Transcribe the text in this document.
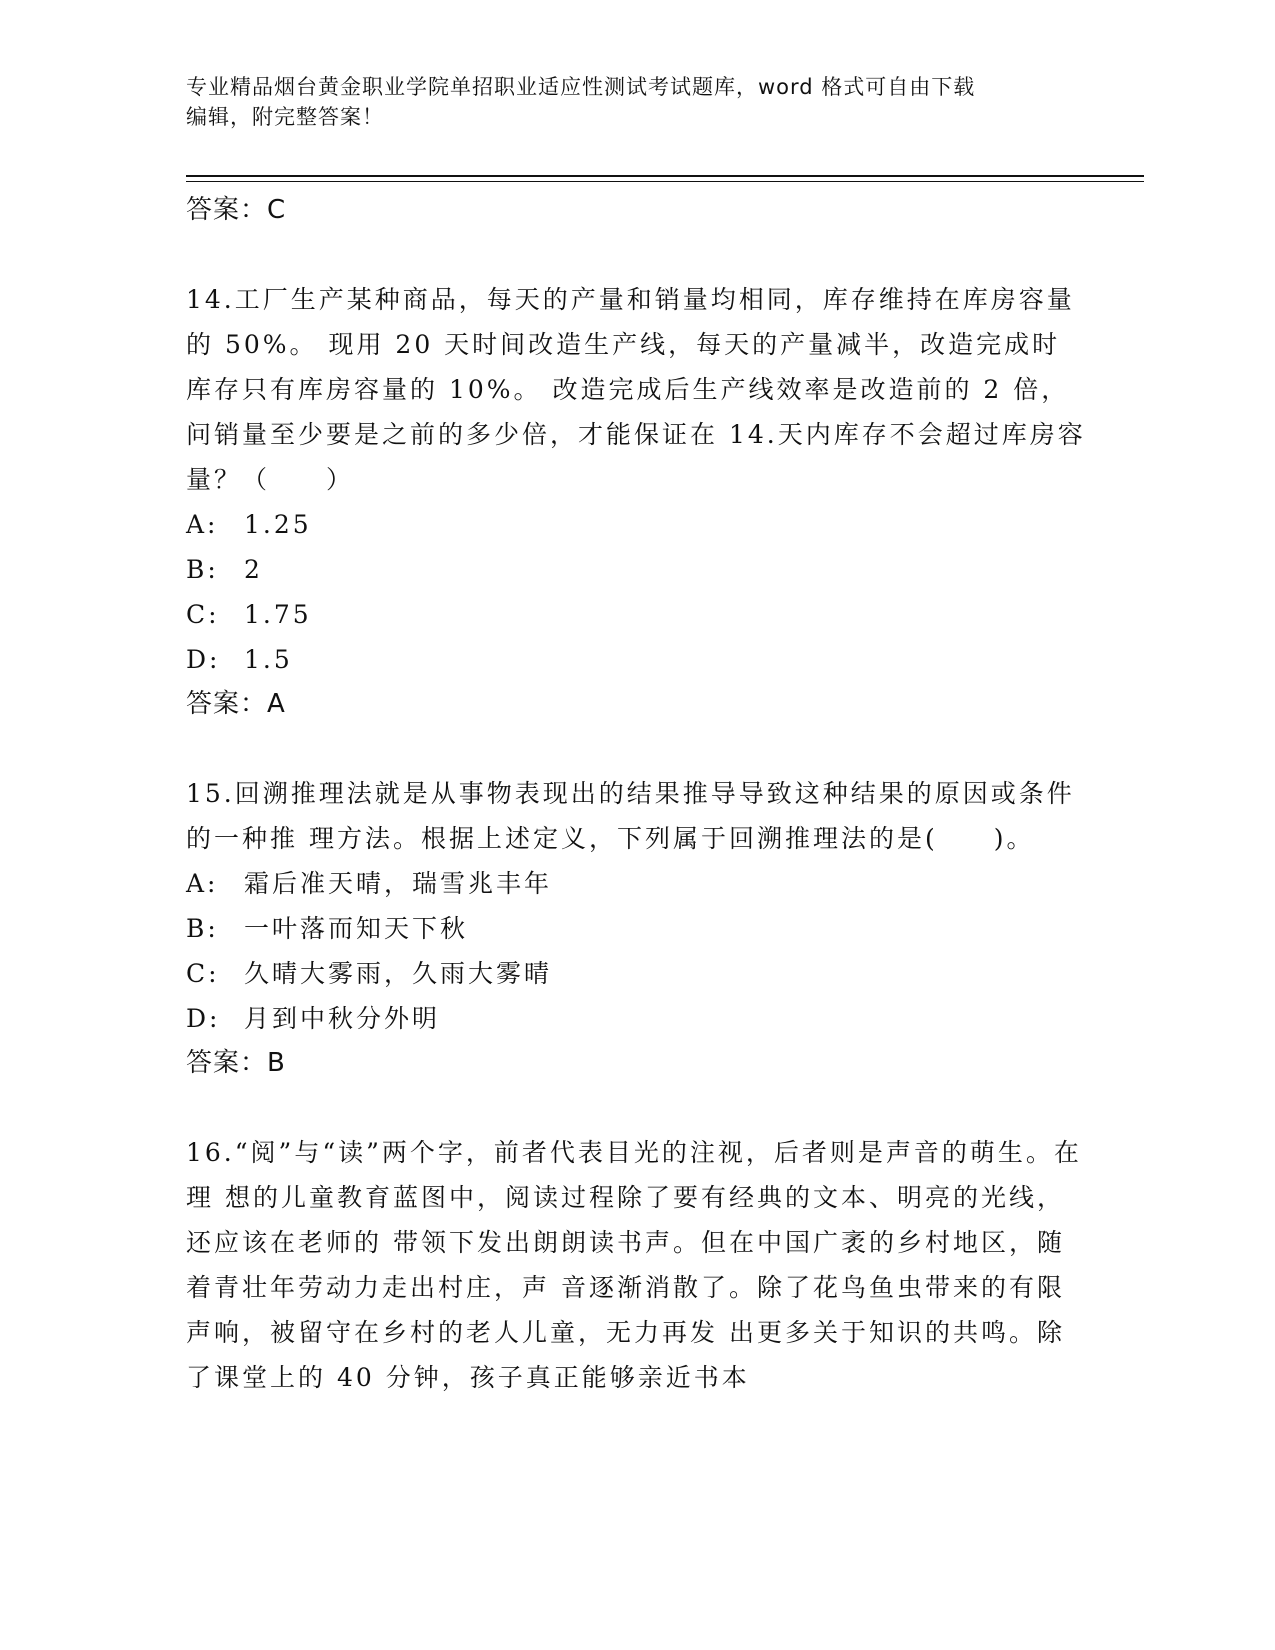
专业精品烟台黄金职业学院单招职业适应性测试考试题库，word 格式可自由下载
编辑，附完整答案！
答案：C

14.工厂生产某种商品，每天的产量和销量均相同，库存维持在库房容量的 50%。 现用 20 天时间改造生产线，每天的产量减半，改造完成时库存只有库房容量的 10%。 改造完成后生产线效率是改造前的 2 倍，问销量至少要是之前的多少倍，才能保证在 14.天内库存不会超过库房容量？（　　）

A: 1.25
B: 2
C: 1.75
D: 1.5
答案：A

15.回溯推理法就是从事物表现出的结果推导导致这种结果的原因或条件的一种推 理方法。根据上述定义，下列属于回溯推理法的是(　　)。

A: 霜后准天晴，瑞雪兆丰年
B: 一叶落而知天下秋
C: 久晴大雾雨，久雨大雾晴
D: 月到中秋分外明
答案：B

16.“阅”与“读”两个字，前者代表目光的注视，后者则是声音的萌生。在理 想的儿童教育蓝图中，阅读过程除了要有经典的文本、明亮的光线，还应该在老师的 带领下发出朗朗读书声。但在中国广袤的乡村地区，随着青壮年劳动力走出村庄，声 音逐渐消散了。除了花鸟鱼虫带来的有限声响，被留守在乡村的老人儿童，无力再发 出更多关于知识的共鸣。除了课堂上的 40 分钟，孩子真正能够亲近书本
